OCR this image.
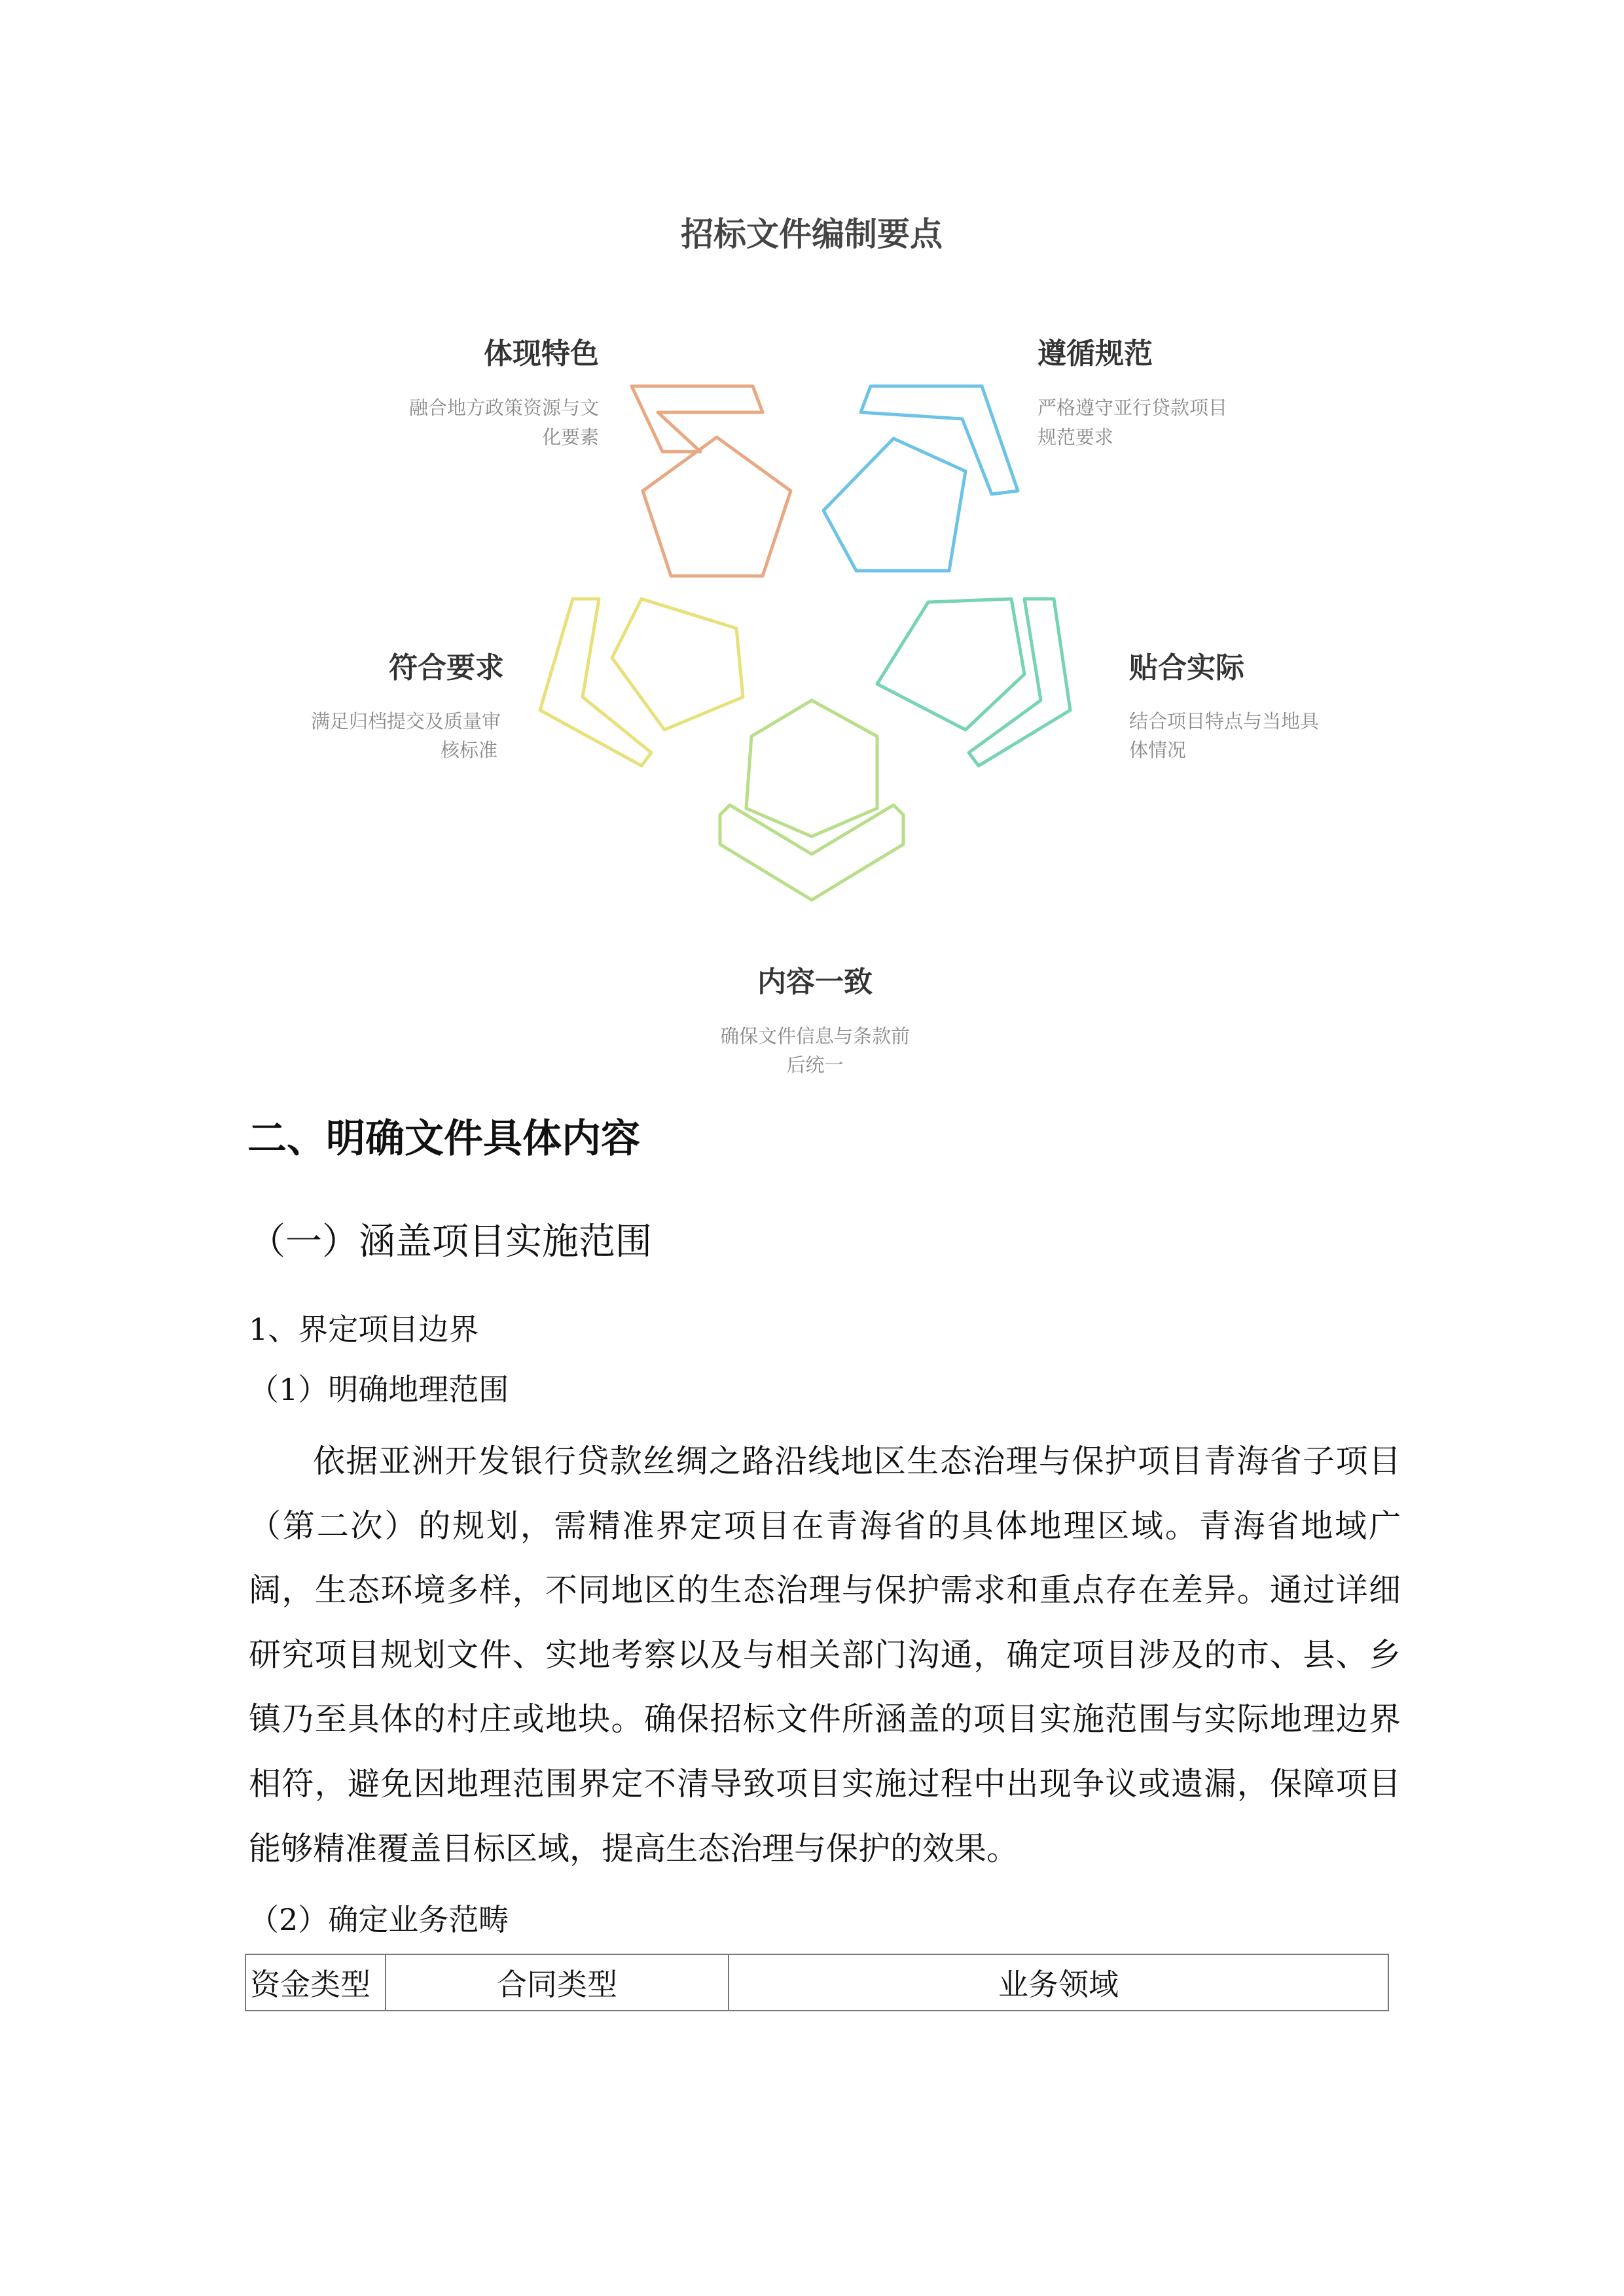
招标文件编制要点
体现特色
融合地方政策资源与文
化要素
遵循规范
严格遵守亚行贷款项目
规范要求
符合要求
满足归档提交及质量审
核标准
贴合实际
结合项目特点与当地具
体情况
内容一致
确保文件信息与条款前
后统一
二、明确文件具体内容
（一）涵盖项目实施范围
1、界定项目边界
（1）明确地理范围
依据亚洲开发银行贷款丝绸之路沿线地区生态治理与保护项目青海省子项目（第二次）的规划，需精准界定项目在青海省的具体地理区域。青海省地域广阔，生态环境多样，不同地区的生态治理与保护需求和重点存在差异。通过详细研究项目规划文件、实地考察以及与相关部门沟通，确定项目涉及的市、县、乡镇乃至具体的村庄或地块。确保招标文件所涵盖的项目实施范围与实际地理边界相符，避免因地理范围界定不清导致项目实施过程中出现争议或遗漏，保障项目能够精准覆盖目标区域，提高生态治理与保护的效果。
（2）确定业务范畴
资金类型	合同类型	业务领域
